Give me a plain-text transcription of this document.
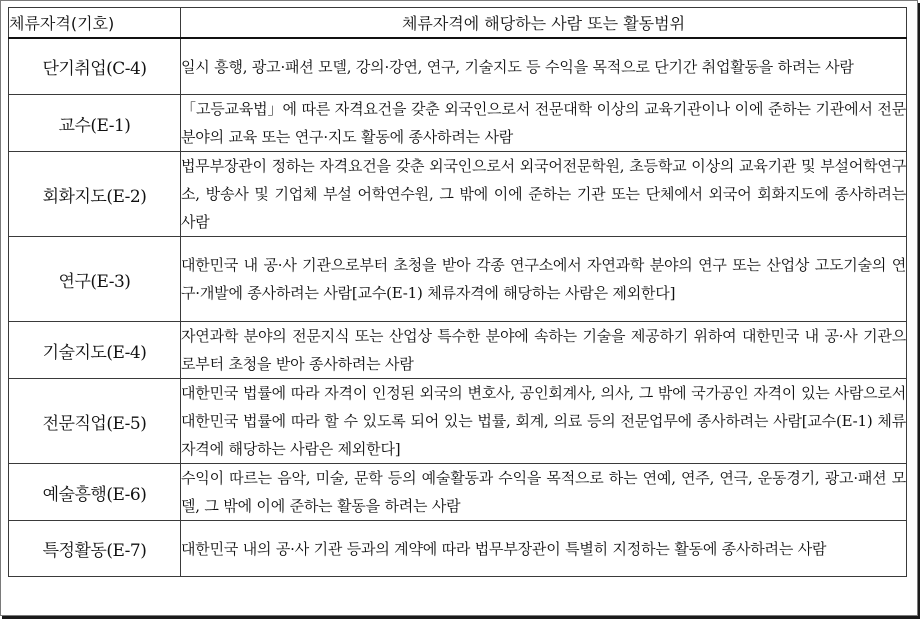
체류자격(기호)	체류자격에 해당하는 사람 또는 활동범위
단기취업(C-4)	일시 흥행, 광고·패션 모델, 강의·강연, 연구, 기술지도 등 수익을 목적으로 단기간 취업활동을 하려는 사람

교수(E-1)	「고등교육법」에 따른 자격요건을 갖춘 외국인으로서 전문대학 이상의 교육기관이나 이에 준하는 기관에서 전문 분야의 교육 또는 연구·지도 활동에 종사하려는 사람

회화지도(E-2)	법무부장관이 정하는 자격요건을 갖춘 외국인으로서 외국어전문학원, 초등학교 이상의 교육기관 및 부설어학연구소, 방송사 및 기업체 부설 어학연수원, 그 밖에 이에 준하는 기관 또는 단체에서 외국어 회화지도에 종사하려는 사람

연구(E-3)	대한민국 내 공·사 기관으로부터 초청을 받아 각종 연구소에서 자연과학 분야의 연구 또는 산업상 고도기술의 연구·개발에 종사하려는 사람[교수(E-1) 체류자격에 해당하는 사람은 제외한다]

기술지도(E-4)	자연과학 분야의 전문지식 또는 산업상 특수한 분야에 속하는 기술을 제공하기 위하여 대한민국 내 공·사 기관으로부터 초청을 받아 종사하려는 사람

전문직업(E-5)	대한민국 법률에 따라 자격이 인정된 외국의 변호사, 공인회계사, 의사, 그 밖에 국가공인 자격이 있는 사람으로서 대한민국 법률에 따라 할 수 있도록 되어 있는 법률, 회계, 의료 등의 전문업무에 종사하려는 사람[교수(E-1) 체류자격에 해당하는 사람은 제외한다]

예술흥행(E-6)	수익이 따르는 음악, 미술, 문학 등의 예술활동과 수익을 목적으로 하는 연예, 연주, 연극, 운동경기, 광고·패션 모델, 그 밖에 이에 준하는 활동을 하려는 사람

특정활동(E-7)	대한민국 내의 공·사 기관 등과의 계약에 따라 법무부장관이 특별히 지정하는 활동에 종사하려는 사람
